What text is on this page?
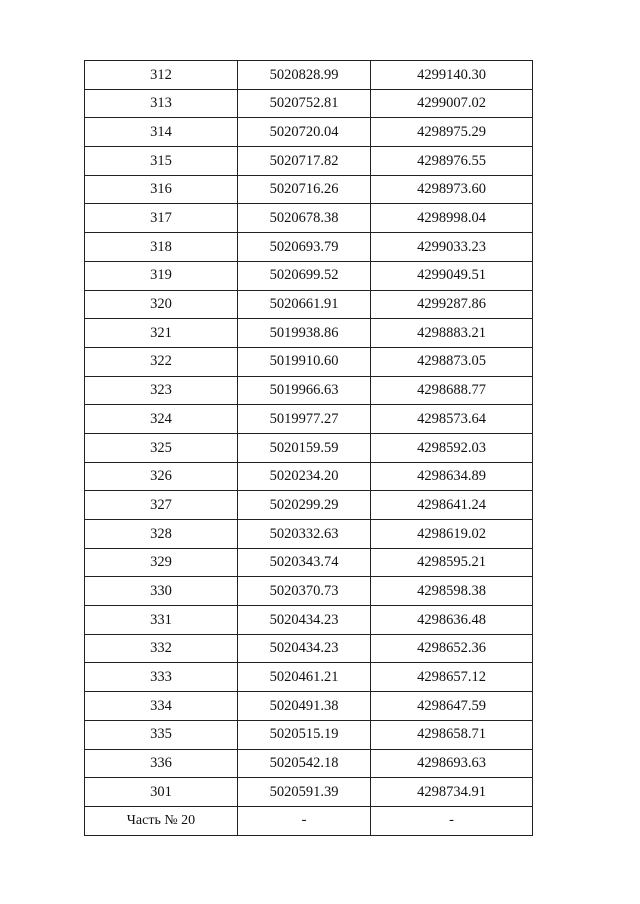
312	5020828.99	4299140.30
313	5020752.81	4299007.02
314	5020720.04	4298975.29
315	5020717.82	4298976.55
316	5020716.26	4298973.60
317	5020678.38	4298998.04
318	5020693.79	4299033.23
319	5020699.52	4299049.51
320	5020661.91	4299287.86
321	5019938.86	4298883.21
322	5019910.60	4298873.05
323	5019966.63	4298688.77
324	5019977.27	4298573.64
325	5020159.59	4298592.03
326	5020234.20	4298634.89
327	5020299.29	4298641.24
328	5020332.63	4298619.02
329	5020343.74	4298595.21
330	5020370.73	4298598.38
331	5020434.23	4298636.48
332	5020434.23	4298652.36
333	5020461.21	4298657.12
334	5020491.38	4298647.59
335	5020515.19	4298658.71
336	5020542.18	4298693.63
301	5020591.39	4298734.91
Часть № 20	-	-
